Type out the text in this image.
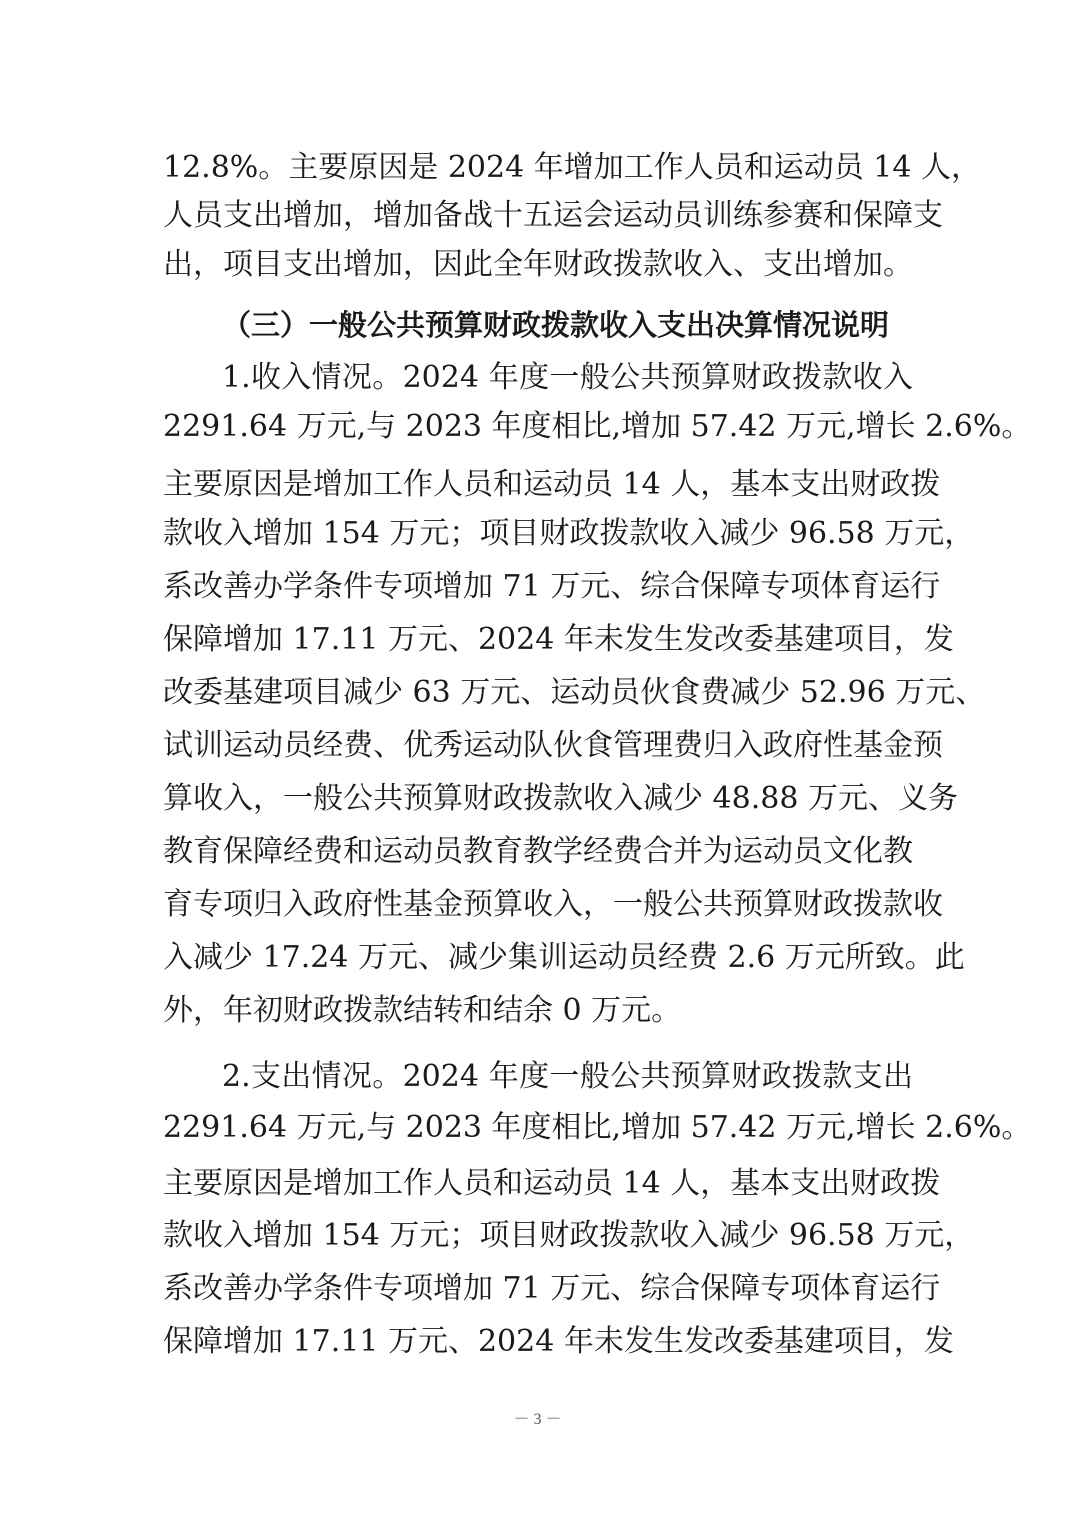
12.8%。主要原因是 2024 年增加工作人员和运动员 14 人，
人员支出增加，增加备战十五运会运动员训练参赛和保障支
出，项目支出增加，因此全年财政拨款收入、支出增加。
（三）一般公共预算财政拨款收入支出决算情况说明
1.收入情况。2024 年度一般公共预算财政拨款收入
2291.64 万元,与 2023 年度相比,增加 57.42 万元,增长 2.6%。
主要原因是增加工作人员和运动员 14 人，基本支出财政拨
款收入增加 154 万元；项目财政拨款收入减少 96.58 万元，
系改善办学条件专项增加 71 万元、综合保障专项体育运行
保障增加 17.11 万元、2024 年未发生发改委基建项目，发
改委基建项目减少 63 万元、运动员伙食费减少 52.96 万元、
试训运动员经费、优秀运动队伙食管理费归入政府性基金预
算收入，一般公共预算财政拨款收入减少 48.88 万元、义务
教育保障经费和运动员教育教学经费合并为运动员文化教
育专项归入政府性基金预算收入，一般公共预算财政拨款收
入减少 17.24 万元、减少集训运动员经费 2.6 万元所致。此
外，年初财政拨款结转和结余 0 万元。
2.支出情况。2024 年度一般公共预算财政拨款支出
2291.64 万元,与 2023 年度相比,增加 57.42 万元,增长 2.6%。
主要原因是增加工作人员和运动员 14 人，基本支出财政拨
款收入增加 154 万元；项目财政拨款收入减少 96.58 万元，
系改善办学条件专项增加 71 万元、综合保障专项体育运行
保障增加 17.11 万元、2024 年未发生发改委基建项目，发
－ 3 －
